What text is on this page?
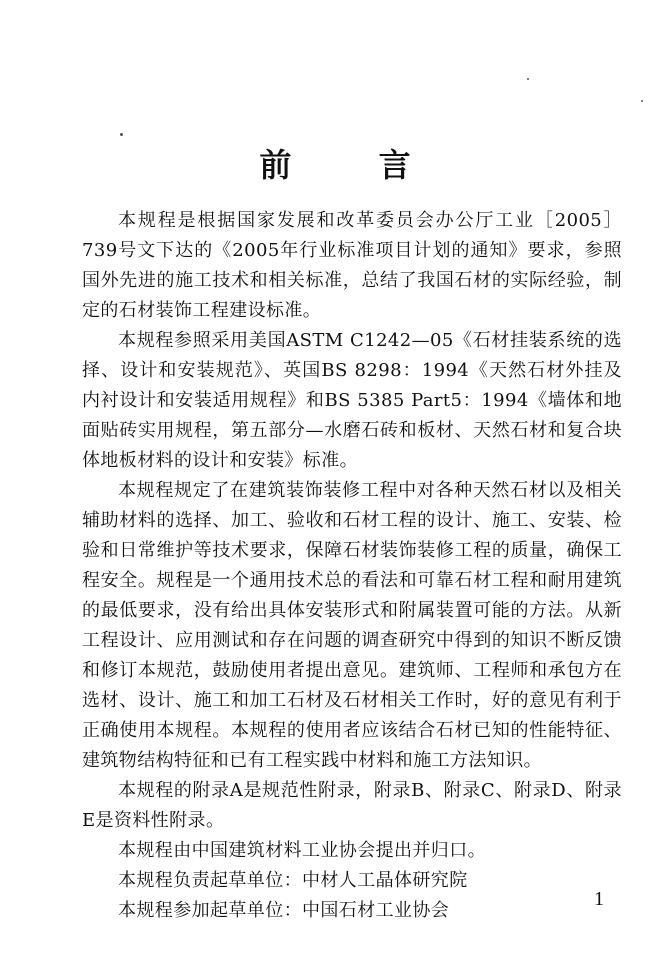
前 言

本规程是根据国家发展和改革委员会办公厅工业［2005］739号文下达的《2005年行业标准项目计划的通知》要求，参照国外先进的施工技术和相关标准，总结了我国石材的实际经验，制定的石材装饰工程建设标准。

本规程参照采用美国ASTM C1242—05《石材挂装系统的选择、设计和安装规范》、英国BS 8298：1994《天然石材外挂及内衬设计和安装适用规程》和BS 5385 Part5：1994《墙体和地面贴砖实用规程，第五部分—水磨石砖和板材、天然石材和复合块体地板材料的设计和安装》标准。

本规程规定了在建筑装饰装修工程中对各种天然石材以及相关辅助材料的选择、加工、验收和石材工程的设计、施工、安装、检验和日常维护等技术要求，保障石材装饰装修工程的质量，确保工程安全。规程是一个通用技术总的看法和可靠石材工程和耐用建筑的最低要求，没有给出具体安装形式和附属装置可能的方法。从新工程设计、应用测试和存在问题的调查研究中得到的知识不断反馈和修订本规范，鼓励使用者提出意见。建筑师、工程师和承包方在选材、设计、施工和加工石材及石材相关工作时，好的意见有利于正确使用本规程。本规程的使用者应该结合石材已知的性能特征、建筑物结构特征和已有工程实践中材料和施工方法知识。

本规程的附录A是规范性附录，附录B、附录C、附录D、附录E是资料性附录。

本规程由中国建筑材料工业协会提出并归口。

本规程负责起草单位：中材人工晶体研究院

本规程参加起草单位：中国石材工业协会

1
